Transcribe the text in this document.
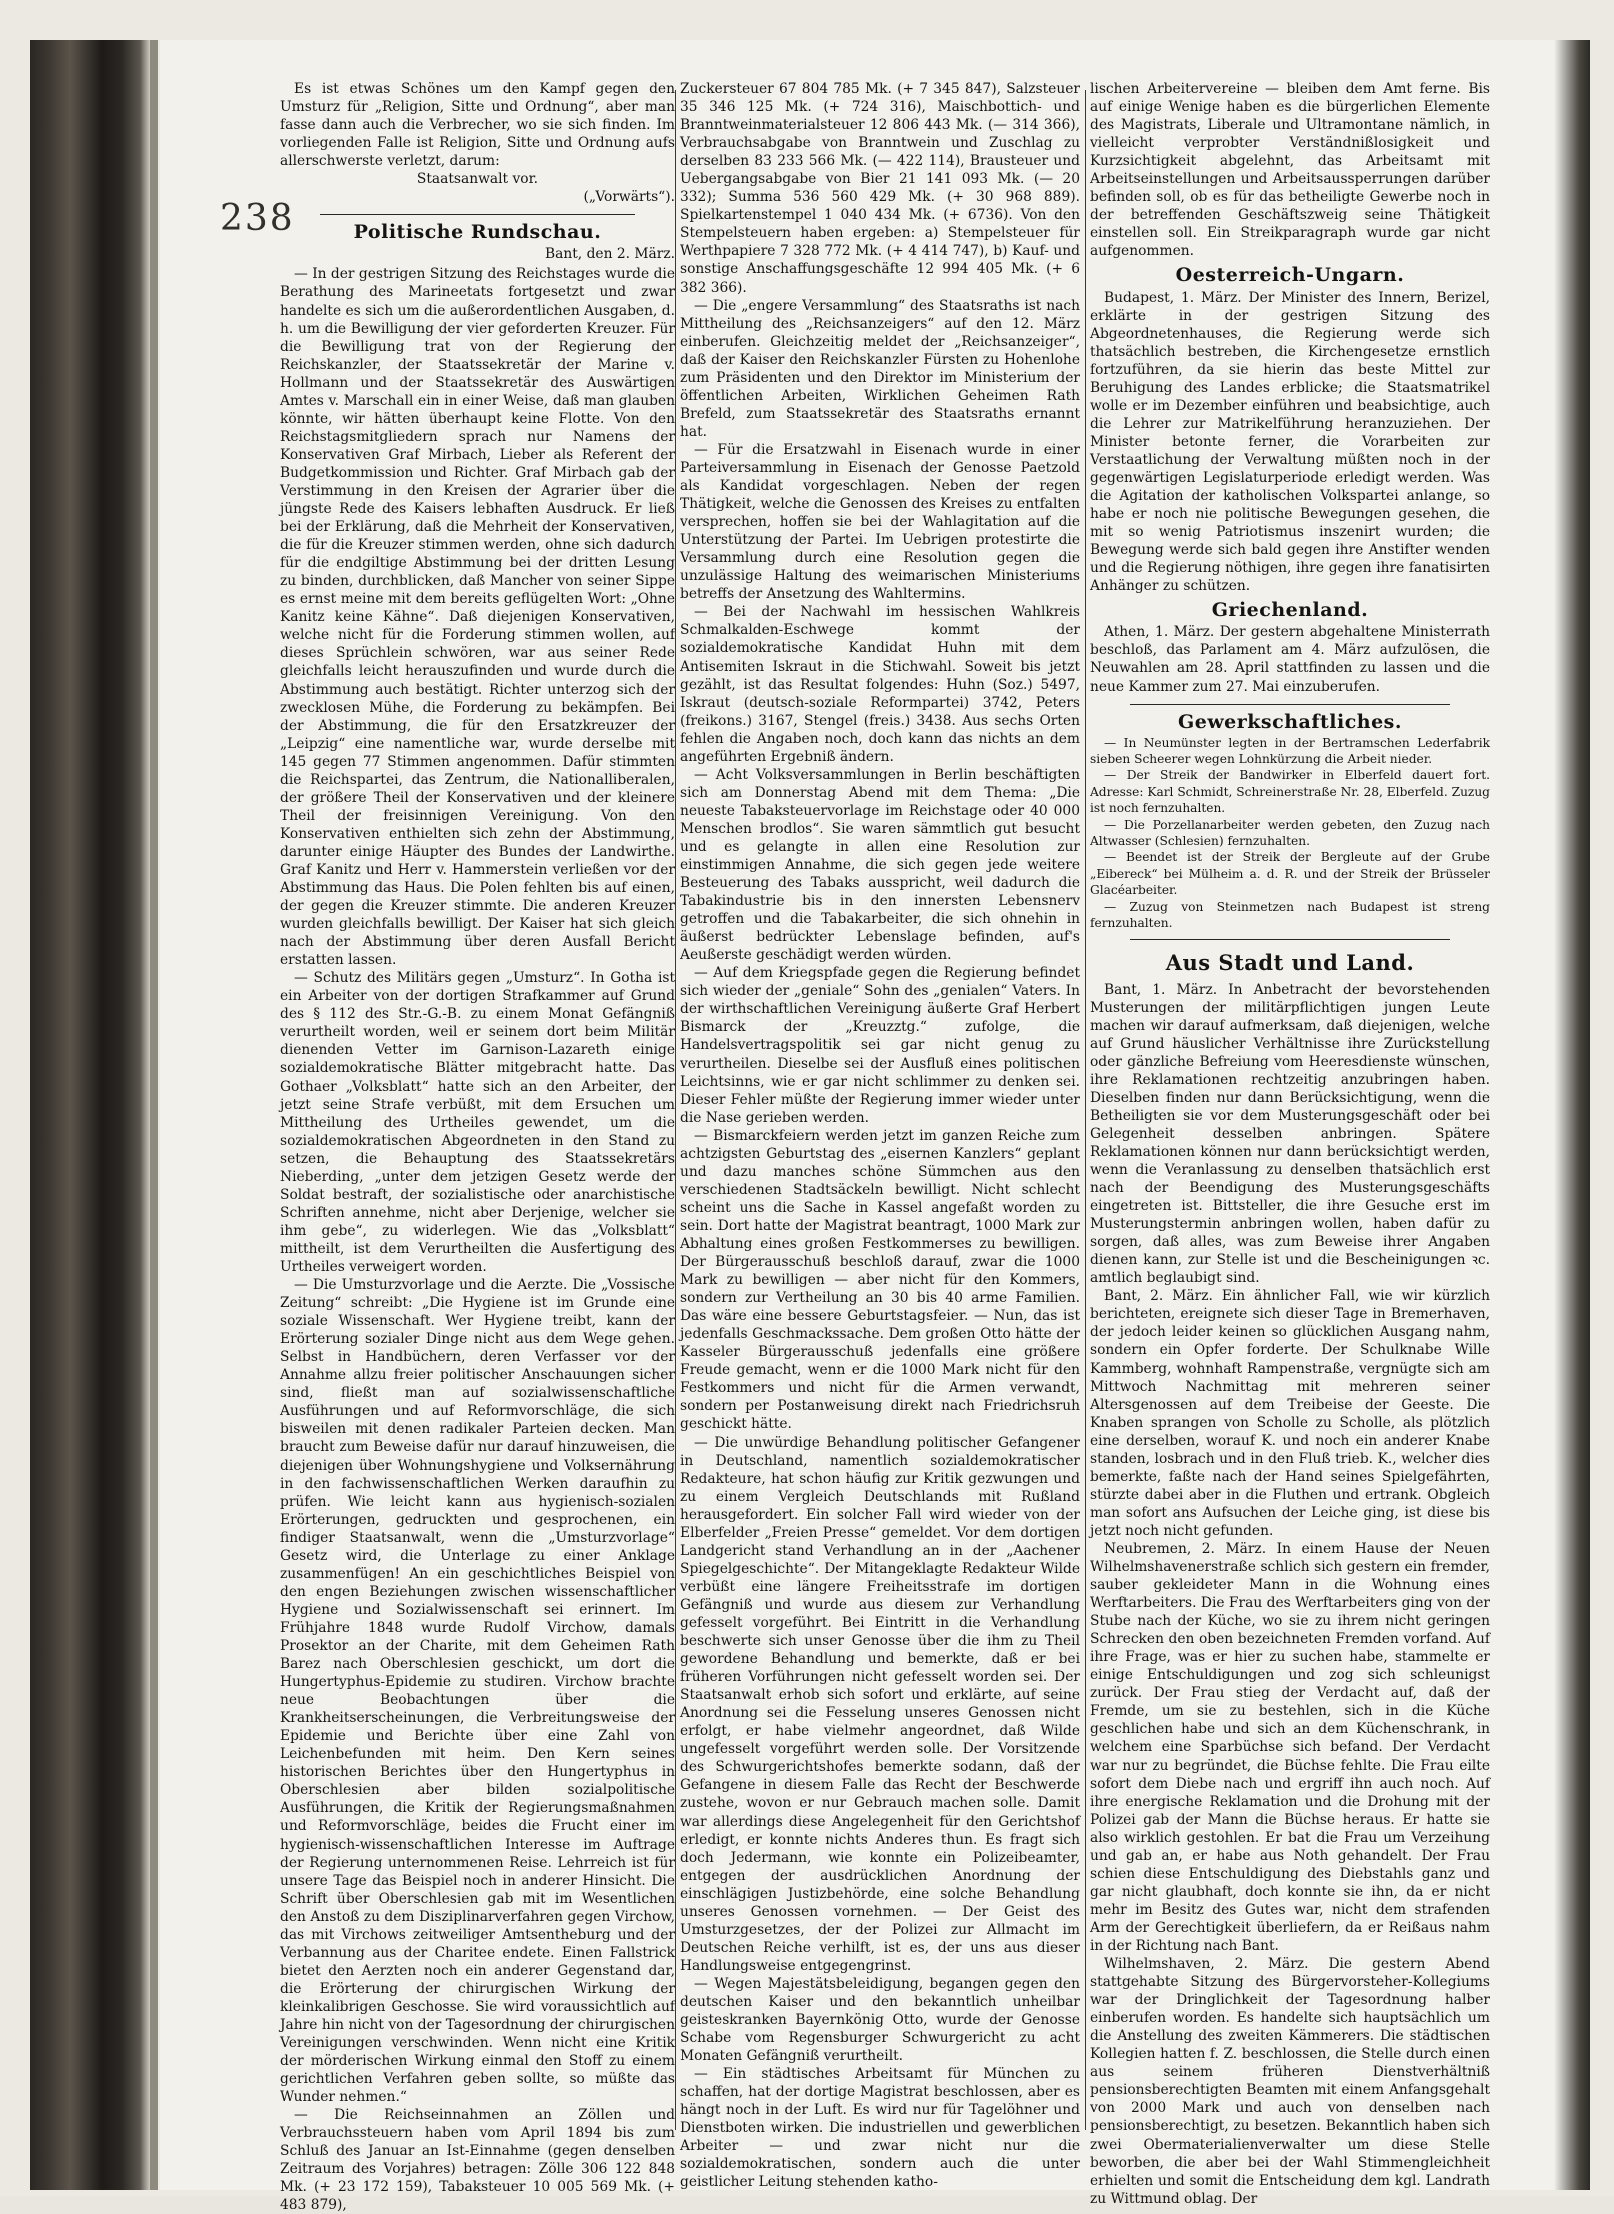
238

Es ist etwas Schönes um den Kampf gegen den Umsturz für „Religion, Sitte und Ordnung“, aber man fasse dann auch die Verbrecher, wo sie sich finden. Im vorliegenden Falle ist Religion, Sitte und Ordnung aufs allerschwerste verletzt, darum:

Staatsanwalt vor.

(„Vorwärts“).

Politische Rundschau.
Bant, den 2. März.

— In der gestrigen Sitzung des Reichstages wurde die Berathung des Marineetats fortgesetzt und zwar handelte es sich um die außerordentlichen Ausgaben, d. h. um die Bewilligung der vier geforderten Kreuzer. Für die Bewilligung trat von der Regierung der Reichskanzler, der Staatssekretär der Marine v. Hollmann und der Staatssekretär des Auswärtigen Amtes v. Marschall ein in einer Weise, daß man glauben könnte, wir hätten überhaupt keine Flotte. Von den Reichstagsmitgliedern sprach nur Namens der Konservativen Graf Mirbach, Lieber als Referent der Budgetkommission und Richter. Graf Mirbach gab der Verstimmung in den Kreisen der Agrarier über die jüngste Rede des Kaisers lebhaften Ausdruck. Er ließ bei der Erklärung, daß die Mehrheit der Konservativen, die für die Kreuzer stimmen werden, ohne sich dadurch für die endgiltige Abstimmung bei der dritten Lesung zu binden, durchblicken, daß Mancher von seiner Sippe es ernst meine mit dem bereits geflügelten Wort: „Ohne Kanitz keine Kähne“. Daß diejenigen Konservativen, welche nicht für die Forderung stimmen wollen, auf dieses Sprüchlein schwören, war aus seiner Rede gleichfalls leicht herauszufinden und wurde durch die Abstimmung auch bestätigt. Richter unterzog sich der zwecklosen Mühe, die Forderung zu bekämpfen. Bei der Abstimmung, die für den Ersatzkreuzer der „Leipzig“ eine namentliche war, wurde derselbe mit 145 gegen 77 Stimmen angenommen. Dafür stimmten die Reichspartei, das Zentrum, die Nationalliberalen, der größere Theil der Konservativen und der kleinere Theil der freisinnigen Vereinigung. Von den Konservativen enthielten sich zehn der Abstimmung, darunter einige Häupter des Bundes der Landwirthe. Graf Kanitz und Herr v. Hammerstein verließen vor der Abstimmung das Haus. Die Polen fehlten bis auf einen, der gegen die Kreuzer stimmte. Die anderen Kreuzer wurden gleichfalls bewilligt. Der Kaiser hat sich gleich nach der Abstimmung über deren Ausfall Bericht erstatten lassen.

— Schutz des Militärs gegen „Umsturz“. In Gotha ist ein Arbeiter von der dortigen Strafkammer auf Grund des § 112 des Str.-G.-B. zu einem Monat Gefängniß verurtheilt worden, weil er seinem dort beim Militär dienenden Vetter im Garnison-Lazareth einige sozialdemokratische Blätter mitgebracht hatte. Das Gothaer „Volksblatt“ hatte sich an den Arbeiter, der jetzt seine Strafe verbüßt, mit dem Ersuchen um Mittheilung des Urtheiles gewendet, um die sozialdemokratischen Abgeordneten in den Stand zu setzen, die Behauptung des Staatssekretärs Nieberding, „unter dem jetzigen Gesetz werde der Soldat bestraft, der sozialistische oder anarchistische Schriften annehme, nicht aber Derjenige, welcher sie ihm gebe“, zu widerlegen. Wie das „Volksblatt“ mittheilt, ist dem Verurtheilten die Ausfertigung des Urtheiles verweigert worden.

— Die Umsturzvorlage und die Aerzte. Die „Vossische Zeitung“ schreibt: „Die Hygiene ist im Grunde eine soziale Wissenschaft. Wer Hygiene treibt, kann der Erörterung sozialer Dinge nicht aus dem Wege gehen. Selbst in Handbüchern, deren Verfasser vor der Annahme allzu freier politischer Anschauungen sicher sind, fließt man auf sozialwissenschaftliche Ausführungen und auf Reformvorschläge, die sich bisweilen mit denen radikaler Parteien decken. Man braucht zum Beweise dafür nur darauf hinzuweisen, die diejenigen über Wohnungshygiene und Volksernährung in den fachwissenschaftlichen Werken daraufhin zu prüfen. Wie leicht kann aus hygienisch-sozialen Erörterungen, gedruckten und gesprochenen, ein findiger Staatsanwalt, wenn die „Umsturzvorlage“ Gesetz wird, die Unterlage zu einer Anklage zusammenfügen! An ein geschichtliches Beispiel von den engen Beziehungen zwischen wissenschaftlicher Hygiene und Sozialwissenschaft sei erinnert. Im Frühjahre 1848 wurde Rudolf Virchow, damals Prosektor an der Charite, mit dem Geheimen Rath Barez nach Oberschlesien geschickt, um dort die Hungertyphus-Epidemie zu studiren. Virchow brachte neue Beobachtungen über die Krankheitserscheinungen, die Verbreitungsweise der Epidemie und Berichte über eine Zahl von Leichenbefunden mit heim. Den Kern seines historischen Berichtes über den Hungertyphus in Oberschlesien aber bilden sozialpolitische Ausführungen, die Kritik der Regierungsmaßnahmen und Reformvorschläge, beides die Frucht einer im hygienisch-wissenschaftlichen Interesse im Auftrage der Regierung unternommenen Reise. Lehrreich ist für unsere Tage das Beispiel noch in anderer Hinsicht. Die Schrift über Oberschlesien gab mit im Wesentlichen den Anstoß zu dem Disziplinarverfahren gegen Virchow, das mit Virchows zeitweiliger Amtsentheburg und der Verbannung aus der Charitee endete. Einen Fallstrick bietet den Aerzten noch ein anderer Gegenstand dar, die Erörterung der chirurgischen Wirkung der kleinkalibrigen Geschosse. Sie wird voraussichtlich auf Jahre hin nicht von der Tagesordnung der chirurgischen Vereinigungen verschwinden. Wenn nicht eine Kritik der mörderischen Wirkung einmal den Stoff zu einem gerichtlichen Verfahren geben sollte, so müßte das Wunder nehmen.“

— Die Reichseinnahmen an Zöllen und Verbrauchssteuern haben vom April 1894 bis zum Schluß des Januar an Ist-Einnahme (gegen denselben Zeitraum des Vorjahres) betragen: Zölle 306 122 848 Mk. (+ 23 172 159), Tabaksteuer 10 005 569 Mk. (+ 483 879),

Zuckersteuer 67 804 785 Mk. (+ 7 345 847), Salzsteuer 35 346 125 Mk. (+ 724 316), Maischbottich- und Branntweinmaterialsteuer 12 806 443 Mk. (— 314 366), Verbrauchsabgabe von Branntwein und Zuschlag zu derselben 83 233 566 Mk. (— 422 114), Brausteuer und Uebergangsabgabe von Bier 21 141 093 Mk. (— 20 332); Summa 536 560 429 Mk. (+ 30 968 889). Spielkartenstempel 1 040 434 Mk. (+ 6736). Von den Stempelsteuern haben ergeben: a) Stempelsteuer für Werthpapiere 7 328 772 Mk. (+ 4 414 747), b) Kauf- und sonstige Anschaffungsgeschäfte 12 994 405 Mk. (+ 6 382 366).

— Die „engere Versammlung“ des Staatsraths ist nach Mittheilung des „Reichsanzeigers“ auf den 12. März einberufen. Gleichzeitig meldet der „Reichsanzeiger“, daß der Kaiser den Reichskanzler Fürsten zu Hohenlohe zum Präsidenten und den Direktor im Ministerium der öffentlichen Arbeiten, Wirklichen Geheimen Rath Brefeld, zum Staatssekretär des Staatsraths ernannt hat.

— Für die Ersatzwahl in Eisenach wurde in einer Parteiversammlung in Eisenach der Genosse Paetzold als Kandidat vorgeschlagen. Neben der regen Thätigkeit, welche die Genossen des Kreises zu entfalten versprechen, hoffen sie bei der Wahlagitation auf die Unterstützung der Partei. Im Uebrigen protestirte die Versammlung durch eine Resolution gegen die unzulässige Haltung des weimarischen Ministeriums betreffs der Ansetzung des Wahltermins.

— Bei der Nachwahl im hessischen Wahlkreis Schmalkalden-Eschwege kommt der sozialdemokratische Kandidat Huhn mit dem Antisemiten Iskraut in die Stichwahl. Soweit bis jetzt gezählt, ist das Resultat folgendes: Huhn (Soz.) 5497, Iskraut (deutsch-soziale Reformpartei) 3742, Peters (freikons.) 3167, Stengel (freis.) 3438. Aus sechs Orten fehlen die Angaben noch, doch kann das nichts an dem angeführten Ergebniß ändern.

— Acht Volksversammlungen in Berlin beschäftigten sich am Donnerstag Abend mit dem Thema: „Die neueste Tabaksteuervorlage im Reichstage oder 40 000 Menschen brodlos“. Sie waren sämmtlich gut besucht und es gelangte in allen eine Resolution zur einstimmigen Annahme, die sich gegen jede weitere Besteuerung des Tabaks ausspricht, weil dadurch die Tabakindustrie bis in den innersten Lebensnerv getroffen und die Tabakarbeiter, die sich ohnehin in äußerst bedrückter Lebenslage befinden, auf's Aeußerste geschädigt werden würden.

— Auf dem Kriegspfade gegen die Regierung befindet sich wieder der „geniale“ Sohn des „genialen“ Vaters. In der wirthschaftlichen Vereinigung äußerte Graf Herbert Bismarck der „Kreuzztg.“ zufolge, die Handelsvertragspolitik sei gar nicht genug zu verurtheilen. Dieselbe sei der Ausfluß eines politischen Leichtsinns, wie er gar nicht schlimmer zu denken sei. Dieser Fehler müßte der Regierung immer wieder unter die Nase gerieben werden.

— Bismarckfeiern werden jetzt im ganzen Reiche zum achtzigsten Geburtstag des „eisernen Kanzlers“ geplant und dazu manches schöne Sümmchen aus den verschiedenen Stadtsäckeln bewilligt. Nicht schlecht scheint uns die Sache in Kassel angefaßt worden zu sein. Dort hatte der Magistrat beantragt, 1000 Mark zur Abhaltung eines großen Festkommerses zu bewilligen. Der Bürgerausschuß beschloß darauf, zwar die 1000 Mark zu bewilligen — aber nicht für den Kommers, sondern zur Vertheilung an 30 bis 40 arme Familien. Das wäre eine bessere Geburtstagsfeier. — Nun, das ist jedenfalls Geschmackssache. Dem großen Otto hätte der Kasseler Bürgerausschuß jedenfalls eine größere Freude gemacht, wenn er die 1000 Mark nicht für den Festkommers und nicht für die Armen verwandt, sondern per Postanweisung direkt nach Friedrichsruh geschickt hätte.

— Die unwürdige Behandlung politischer Gefangener in Deutschland, namentlich sozialdemokratischer Redakteure, hat schon häufig zur Kritik gezwungen und zu einem Vergleich Deutschlands mit Rußland herausgefordert. Ein solcher Fall wird wieder von der Elberfelder „Freien Presse“ gemeldet. Vor dem dortigen Landgericht stand Verhandlung an in der „Aachener Spiegelgeschichte“. Der Mitangeklagte Redakteur Wilde verbüßt eine längere Freiheitsstrafe im dortigen Gefängniß und wurde aus diesem zur Verhandlung gefesselt vorgeführt. Bei Eintritt in die Verhandlung beschwerte sich unser Genosse über die ihm zu Theil gewordene Behandlung und bemerkte, daß er bei früheren Vorführungen nicht gefesselt worden sei. Der Staatsanwalt erhob sich sofort und erklärte, auf seine Anordnung sei die Fesselung unseres Genossen nicht erfolgt, er habe vielmehr angeordnet, daß Wilde ungefesselt vorgeführt werden solle. Der Vorsitzende des Schwurgerichtshofes bemerkte sodann, daß der Gefangene in diesem Falle das Recht der Beschwerde zustehe, wovon er nur Gebrauch machen solle. Damit war allerdings diese Angelegenheit für den Gerichtshof erledigt, er konnte nichts Anderes thun. Es fragt sich doch Jedermann, wie konnte ein Polizeibeamter, entgegen der ausdrücklichen Anordnung der einschlägigen Justizbehörde, eine solche Behandlung unseres Genossen vornehmen. — Der Geist des Umsturzgesetzes, der der Polizei zur Allmacht im Deutschen Reiche verhilft, ist es, der uns aus dieser Handlungsweise entgegengrinst.

— Wegen Majestätsbeleidigung, begangen gegen den deutschen Kaiser und den bekanntlich unheilbar geisteskranken Bayernkönig Otto, wurde der Genosse Schabe vom Regensburger Schwurgericht zu acht Monaten Gefängniß verurtheilt.

— Ein städtisches Arbeitsamt für München zu schaffen, hat der dortige Magistrat beschlossen, aber es hängt noch in der Luft. Es wird nur für Tagelöhner und Dienstboten wirken. Die industriellen und gewerblichen Arbeiter — und zwar nicht nur die sozialdemokratischen, sondern auch die unter geistlicher Leitung stehenden katho-

lischen Arbeitervereine — bleiben dem Amt ferne. Bis auf einige Wenige haben es die bürgerlichen Elemente des Magistrats, Liberale und Ultramontane nämlich, in vielleicht verprobter Verständnißlosigkeit und Kurzsichtigkeit abgelehnt, das Arbeitsamt mit Arbeitseinstellungen und Arbeitsaussperrungen darüber befinden soll, ob es für das betheiligte Gewerbe noch in der betreffenden Geschäftszweig seine Thätigkeit einstellen soll. Ein Streikparagraph wurde gar nicht aufgenommen.

Oesterreich-Ungarn.

Budapest, 1. März. Der Minister des Innern, Berizel, erklärte in der gestrigen Sitzung des Abgeordnetenhauses, die Regierung werde sich thatsächlich bestreben, die Kirchengesetze ernstlich fortzuführen, da sie hierin das beste Mittel zur Beruhigung des Landes erblicke; die Staatsmatrikel wolle er im Dezember einführen und beabsichtige, auch die Lehrer zur Matrikelführung heranzuziehen. Der Minister betonte ferner, die Vorarbeiten zur Verstaatlichung der Verwaltung müßten noch in der gegenwärtigen Legislaturperiode erledigt werden. Was die Agitation der katholischen Volkspartei anlange, so habe er noch nie politische Bewegungen gesehen, die mit so wenig Patriotismus inszenirt wurden; die Bewegung werde sich bald gegen ihre Anstifter wenden und die Regierung nöthigen, ihre gegen ihre fanatisirten Anhänger zu schützen.

Griechenland.

Athen, 1. März. Der gestern abgehaltene Ministerrath beschloß, das Parlament am 4. März aufzulösen, die Neuwahlen am 28. April stattfinden zu lassen und die neue Kammer zum 27. Mai einzuberufen.

Gewerkschaftliches.

— In Neumünster legten in der Bertramschen Lederfabrik sieben Scheerer wegen Lohnkürzung die Arbeit nieder.

— Der Streik der Bandwirker in Elberfeld dauert fort. Adresse: Karl Schmidt, Schreinerstraße Nr. 28, Elberfeld. Zuzug ist noch fernzuhalten.

— Die Porzellanarbeiter werden gebeten, den Zuzug nach Altwasser (Schlesien) fernzuhalten.

— Beendet ist der Streik der Bergleute auf der Grube „Eibereck“ bei Mülheim a. d. R. und der Streik der Brüsseler Glacéarbeiter.

— Zuzug von Steinmetzen nach Budapest ist streng fernzuhalten.

Aus Stadt und Land.

Bant, 1. März. In Anbetracht der bevorstehenden Musterungen der militärpflichtigen jungen Leute machen wir darauf aufmerksam, daß diejenigen, welche auf Grund häuslicher Verhältnisse ihre Zurückstellung oder gänzliche Befreiung vom Heeresdienste wünschen, ihre Reklamationen rechtzeitig anzubringen haben. Dieselben finden nur dann Berücksichtigung, wenn die Betheiligten sie vor dem Musterungsgeschäft oder bei Gelegenheit desselben anbringen. Spätere Reklamationen können nur dann berücksichtigt werden, wenn die Veranlassung zu denselben thatsächlich erst nach der Beendigung des Musterungsgeschäfts eingetreten ist. Bittsteller, die ihre Gesuche erst im Musterungstermin anbringen wollen, haben dafür zu sorgen, daß alles, was zum Beweise ihrer Angaben dienen kann, zur Stelle ist und die Bescheinigungen ꝛc. amtlich beglaubigt sind.

Bant, 2. März. Ein ähnlicher Fall, wie wir kürzlich berichteten, ereignete sich dieser Tage in Bremerhaven, der jedoch leider keinen so glücklichen Ausgang nahm, sondern ein Opfer forderte. Der Schulknabe Wille Kammberg, wohnhaft Rampenstraße, vergnügte sich am Mittwoch Nachmittag mit mehreren seiner Altersgenossen auf dem Treibeise der Geeste. Die Knaben sprangen von Scholle zu Scholle, als plötzlich eine derselben, worauf K. und noch ein anderer Knabe standen, losbrach und in den Fluß trieb. K., welcher dies bemerkte, faßte nach der Hand seines Spielgefährten, stürzte dabei aber in die Fluthen und ertrank. Obgleich man sofort ans Aufsuchen der Leiche ging, ist diese bis jetzt noch nicht gefunden.

Neubremen, 2. März. In einem Hause der Neuen Wilhelmshavenerstraße schlich sich gestern ein fremder, sauber gekleideter Mann in die Wohnung eines Werftarbeiters. Die Frau des Werftarbeiters ging von der Stube nach der Küche, wo sie zu ihrem nicht geringen Schrecken den oben bezeichneten Fremden vorfand. Auf ihre Frage, was er hier zu suchen habe, stammelte er einige Entschuldigungen und zog sich schleunigst zurück. Der Frau stieg der Verdacht auf, daß der Fremde, um sie zu bestehlen, sich in die Küche geschlichen habe und sich an dem Küchenschrank, in welchem eine Sparbüchse sich befand. Der Verdacht war nur zu begründet, die Büchse fehlte. Die Frau eilte sofort dem Diebe nach und ergriff ihn auch noch. Auf ihre energische Reklamation und die Drohung mit der Polizei gab der Mann die Büchse heraus. Er hatte sie also wirklich gestohlen. Er bat die Frau um Verzeihung und gab an, er habe aus Noth gehandelt. Der Frau schien diese Entschuldigung des Diebstahls ganz und gar nicht glaubhaft, doch konnte sie ihn, da er nicht mehr im Besitz des Gutes war, nicht dem strafenden Arm der Gerechtigkeit überliefern, da er Reißaus nahm in der Richtung nach Bant.

Wilhelmshaven, 2. März. Die gestern Abend stattgehabte Sitzung des Bürgervorsteher-Kollegiums war der Dringlichkeit der Tagesordnung halber einberufen worden. Es handelte sich hauptsächlich um die Anstellung des zweiten Kämmerers. Die städtischen Kollegien hatten f. Z. beschlossen, die Stelle durch einen aus seinem früheren Dienstverhältniß pensionsberechtigten Beamten mit einem Anfangsgehalt von 2000 Mark und auch von denselben nach pensionsberechtigt, zu besetzen. Bekanntlich haben sich zwei Obermaterialienverwalter um diese Stelle beworben, die aber bei der Wahl Stimmengleichheit erhielten und somit die Entscheidung dem kgl. Landrath zu Wittmund oblag. Der
